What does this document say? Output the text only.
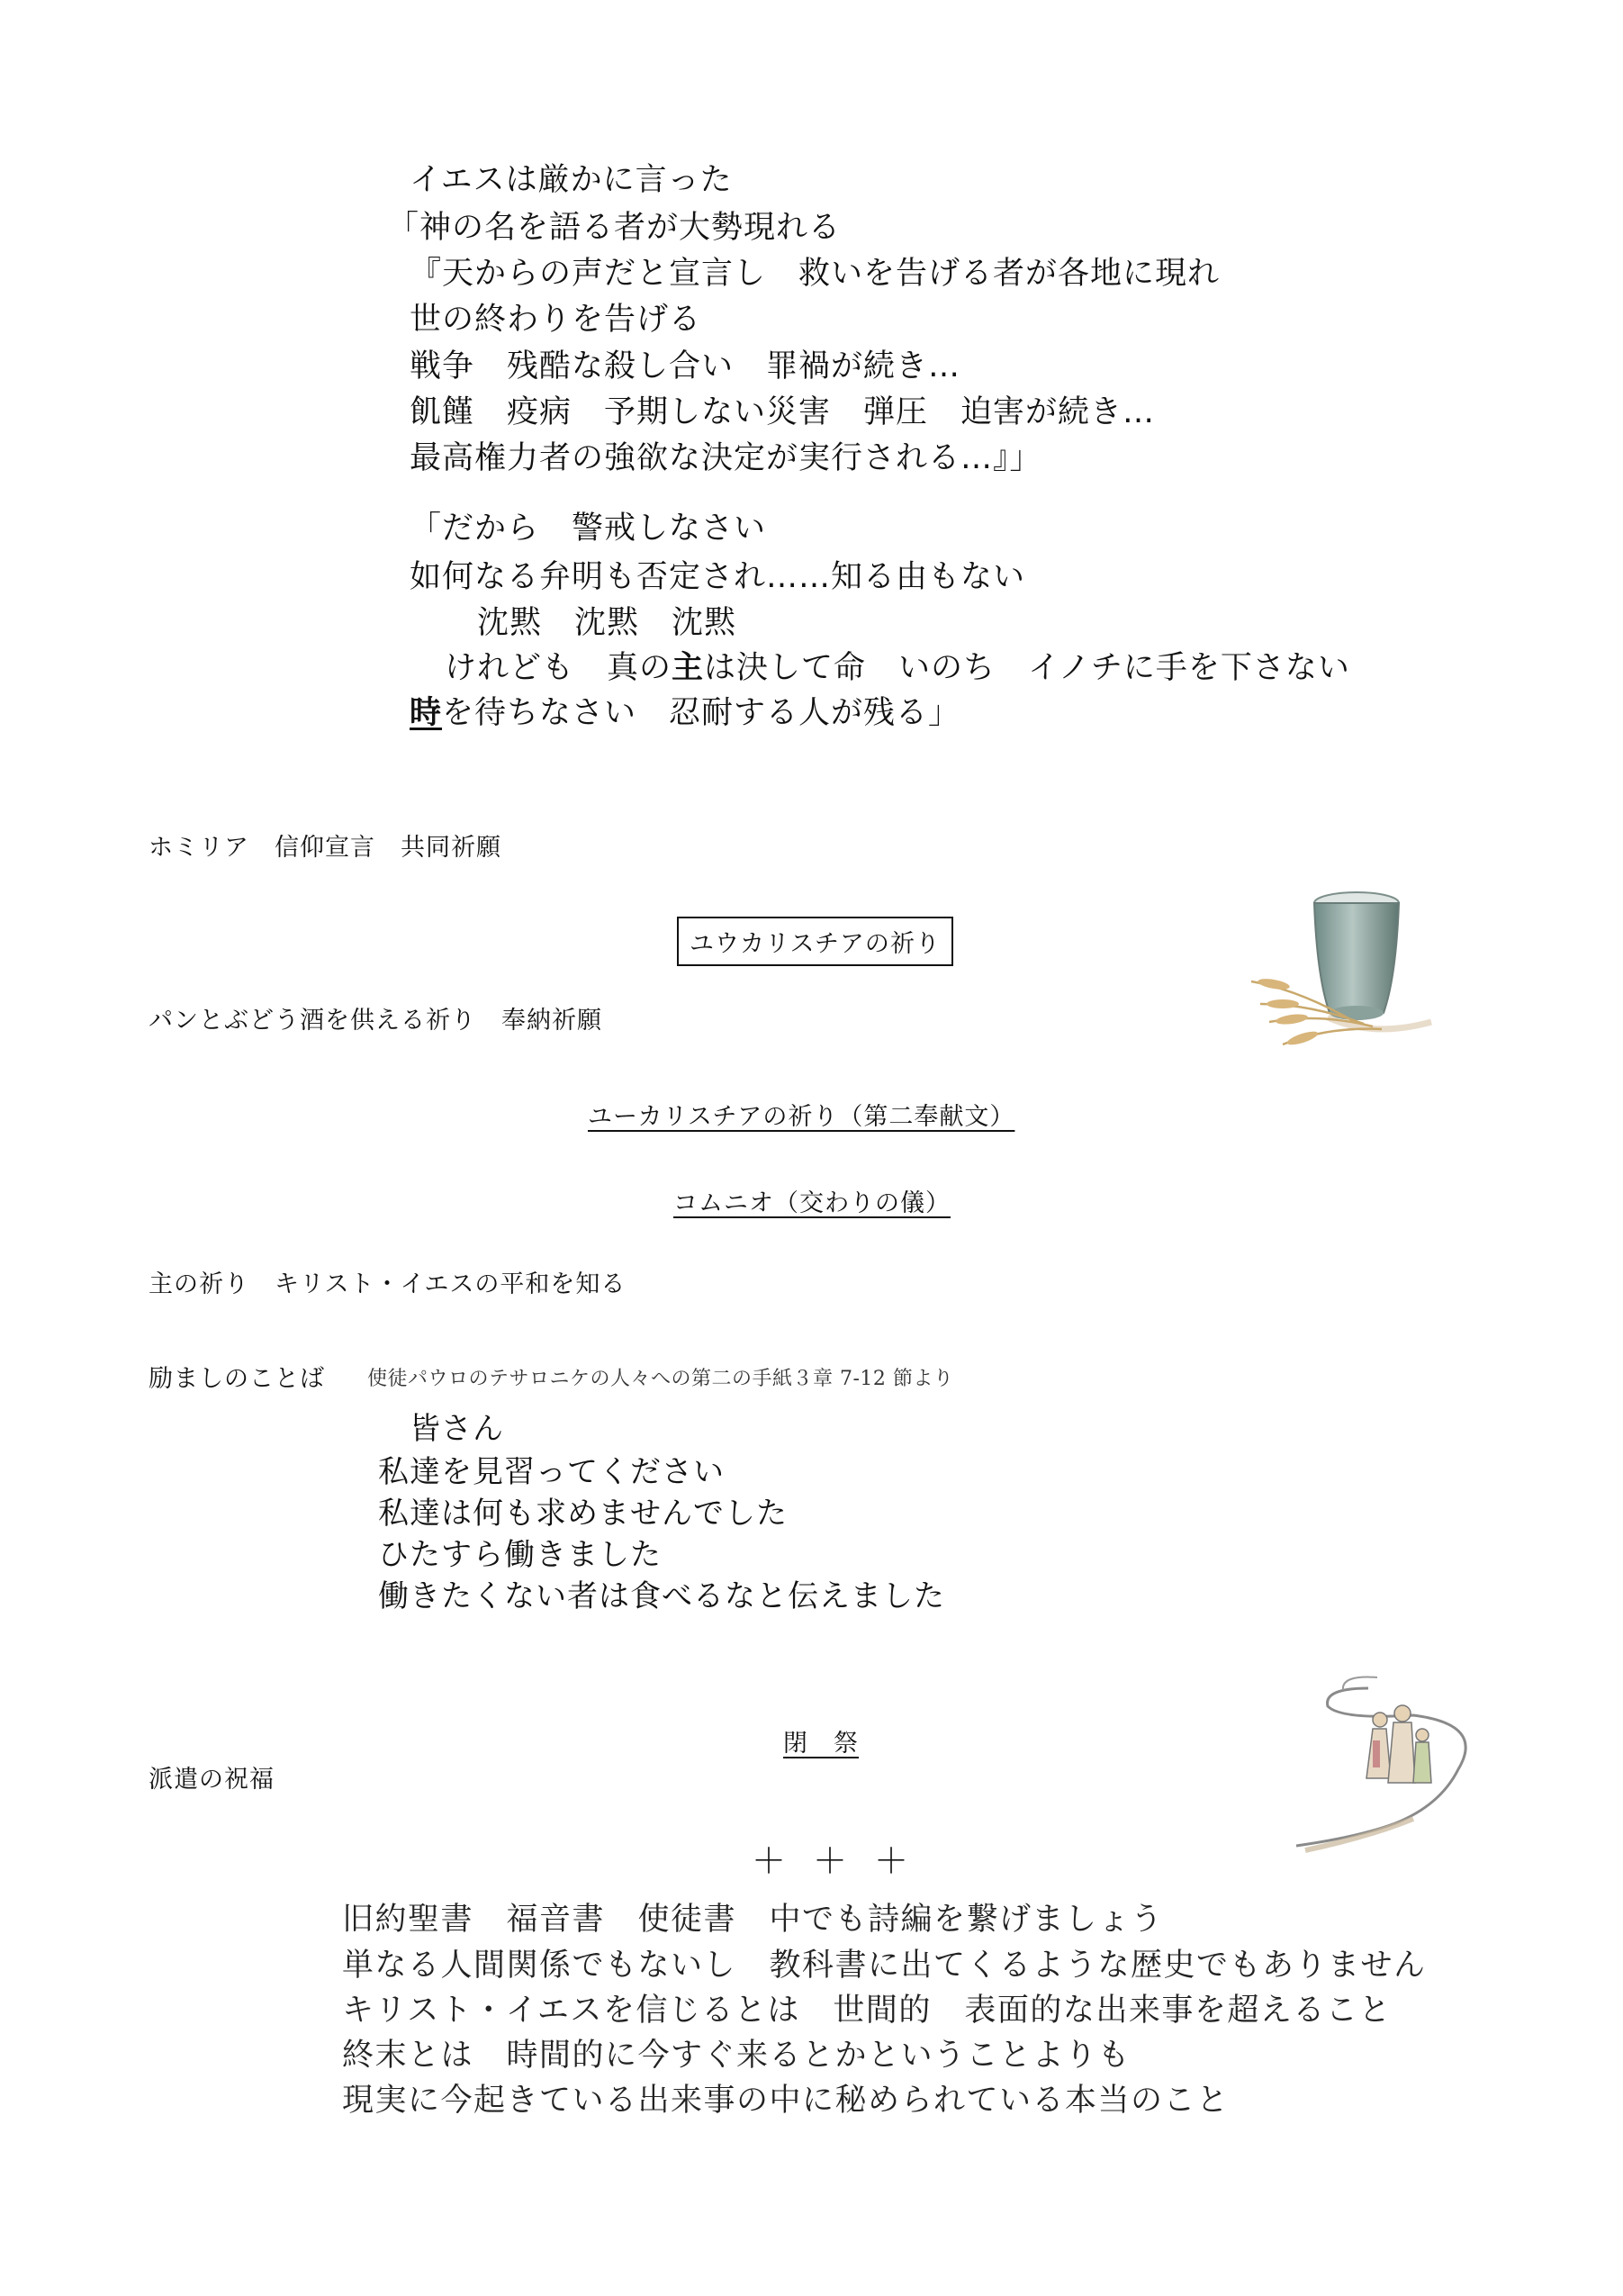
イエスは厳かに言った
「神の名を語る者が大勢現れる
『天からの声だと宣言し　救いを告げる者が各地に現れ
世の終わりを告げる
戦争　残酷な殺し合い　罪禍が続き…
飢饉　疫病　予期しない災害　弾圧　迫害が続き…
最高権力者の強欲な決定が実行される…』」
「だから　警戒しなさい
如何なる弁明も否定され……知る由もない
沈黙　沈黙　沈黙
けれども　真の主は決して命　いのち　イノチに手を下さない
時を待ちなさい　忍耐する人が残る」
ホミリア　信仰宣言　共同祈願
ユウカリスチアの祈り
パンとぶどう酒を供える祈り　奉納祈願
ユーカリスチアの祈り（第二奉献文）
コムニオ（交わりの儀）
主の祈り　キリスト・イエスの平和を知る
励ましのことば 使徒パウロのテサロニケの人々への第二の手紙３章 7-12 節より
皆さん
私達を見習ってください
私達は何も求めませんでした
ひたすら働きました
働きたくない者は食べるなと伝えました
閉　祭
派遣の祝福
＋＋＋
旧約聖書　福音書　使徒書　中でも詩編を繋げましょう
単なる人間関係でもないし　教科書に出てくるような歴史でもありません
キリスト・イエスを信じるとは　世間的　表面的な出来事を超えること
終末とは　時間的に今すぐ来るとかということよりも
現実に今起きている出来事の中に秘められている本当のこと
